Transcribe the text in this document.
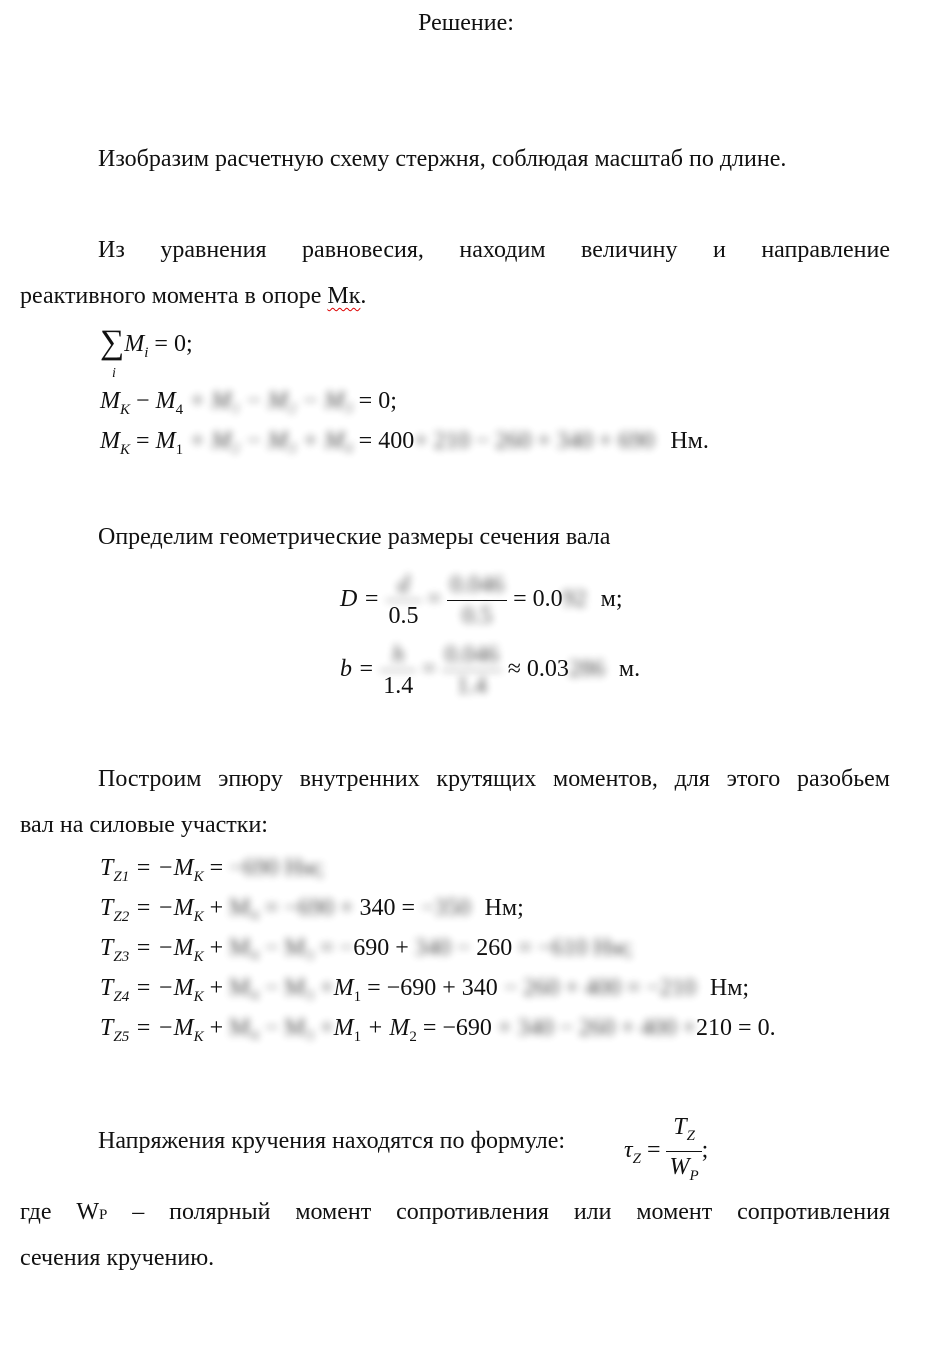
Решение:
Изобразим расчетную схему стержня, соблюдая масштаб по длине.
Из уравнения равновесия, находим величину и направление
реактивного момента в опоре Мк.
$\sum M_i = 0$;
i
$M_K - M_4 + M_1 - M_2 - M_3 = 0$;
$M_K = M_1 + M_2 - M_3 + M_4 = 400+ 210 - 260 + 340 + 690$ Нм.
Определим геометрические размеры сечения вала
$D = \frac{d}{0.5} = \frac{0.046}{0.5} = 0.092$ м;
$b = \frac{h}{1.4} = \frac{0.046}{1.4} \approx 0.03286$ м.
Построим эпюру внутренних крутящих моментов, для этого разобьем
вал на силовые участки:
$T_{Z1} = -M_K = -690$ Нм;
$T_{Z2} = -M_K + M_4 = -690 + 340 = -350$ Нм;
$T_{Z3} = -M_K + M_4 - M_3 = -690 + 340 - 260 = -610$ Нм;
$T_{Z4} = -M_K + M_4 - M_3 +M_1 = -690 + 340 - 260 + 400 = -210$ Нм;
$T_{Z5} = -M_K + M_4 - M_3 +M_1 + M_2 = -690 + 340 - 260 + 400 +210 = 0$.
Напряжения кручения находятся по формуле: $\tau_Z = \frac{T_Z}{W_P}$ ;
где WP – полярный момент сопротивления или момент сопротивления
сечения кручению.
